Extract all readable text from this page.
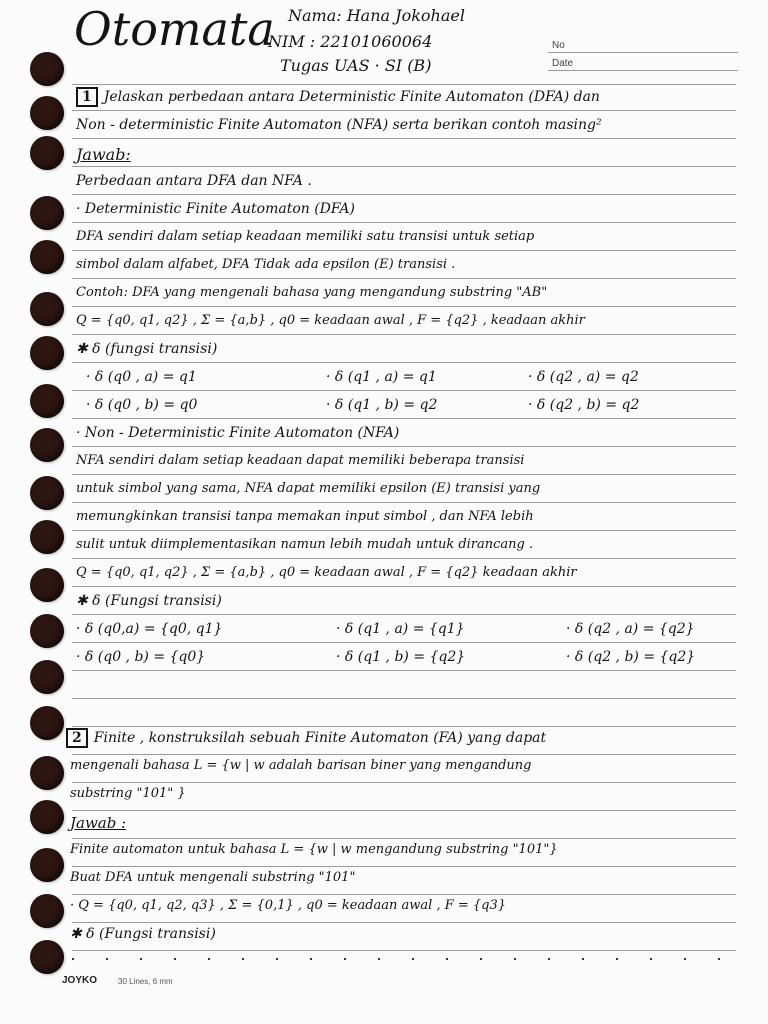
Otomata Nama: Hana Jokohael
NIM : 22101060064
Tugas UAS · SI (B)
No
Date
1 Jelaskan perbedaan antara Deterministic Finite Automaton (DFA) dan
Non - deterministic Finite Automaton (NFA) serta berikan contoh masing²
Jawab:
Perbedaan antara DFA dan NFA .
· Deterministic Finite Automaton (DFA)
DFA sendiri dalam setiap keadaan memiliki satu transisi untuk setiap
simbol dalam alfabet, DFA Tidak ada epsilon (E) transisi .
Contoh: DFA yang mengenali bahasa yang mengandung substring "AB"
Q = {q0, q1, q2} , Σ = {a,b} , q0 = keadaan awal , F = {q2} , keadaan akhir
✱ δ (fungsi transisi)
· δ (q0 , a) = q1	· δ (q1 , a) = q1	· δ (q2 , a) = q2
· δ (q0 , b) = q0	· δ (q1 , b) = q2	· δ (q2 , b) = q2
· Non - Deterministic Finite Automaton (NFA)
NFA sendiri dalam setiap keadaan dapat memiliki beberapa transisi
untuk simbol yang sama, NFA dapat memiliki epsilon (E) transisi yang
memungkinkan transisi tanpa memakan input simbol , dan NFA lebih
sulit untuk diimplementasikan namun lebih mudah untuk dirancang .
Q = {q0, q1, q2} , Σ = {a,b} , q0 = keadaan awal , F = {q2} keadaan akhir
✱ δ (Fungsi transisi)
· δ (q0,a) = {q0, q1}	· δ (q1 , a) = {q1}	· δ (q2 , a) = {q2}
· δ (q0 , b) = {q0}	· δ (q1 , b) = {q2}	· δ (q2 , b) = {q2}
2 Finite , konstruksilah sebuah Finite Automaton (FA) yang dapat
mengenali bahasa L = {w | w adalah barisan biner yang mengandung
substring "101" }
Jawab :
Finite automaton untuk bahasa L = {w | w mengandung substring "101"}
Buat DFA untuk mengenali substring "101"
· Q = {q0, q1, q2, q3} , Σ = {0,1} , q0 = keadaan awal , F = {q3}
✱ δ (Fungsi transisi)
JOYKO	30 Lines, 6 mm
